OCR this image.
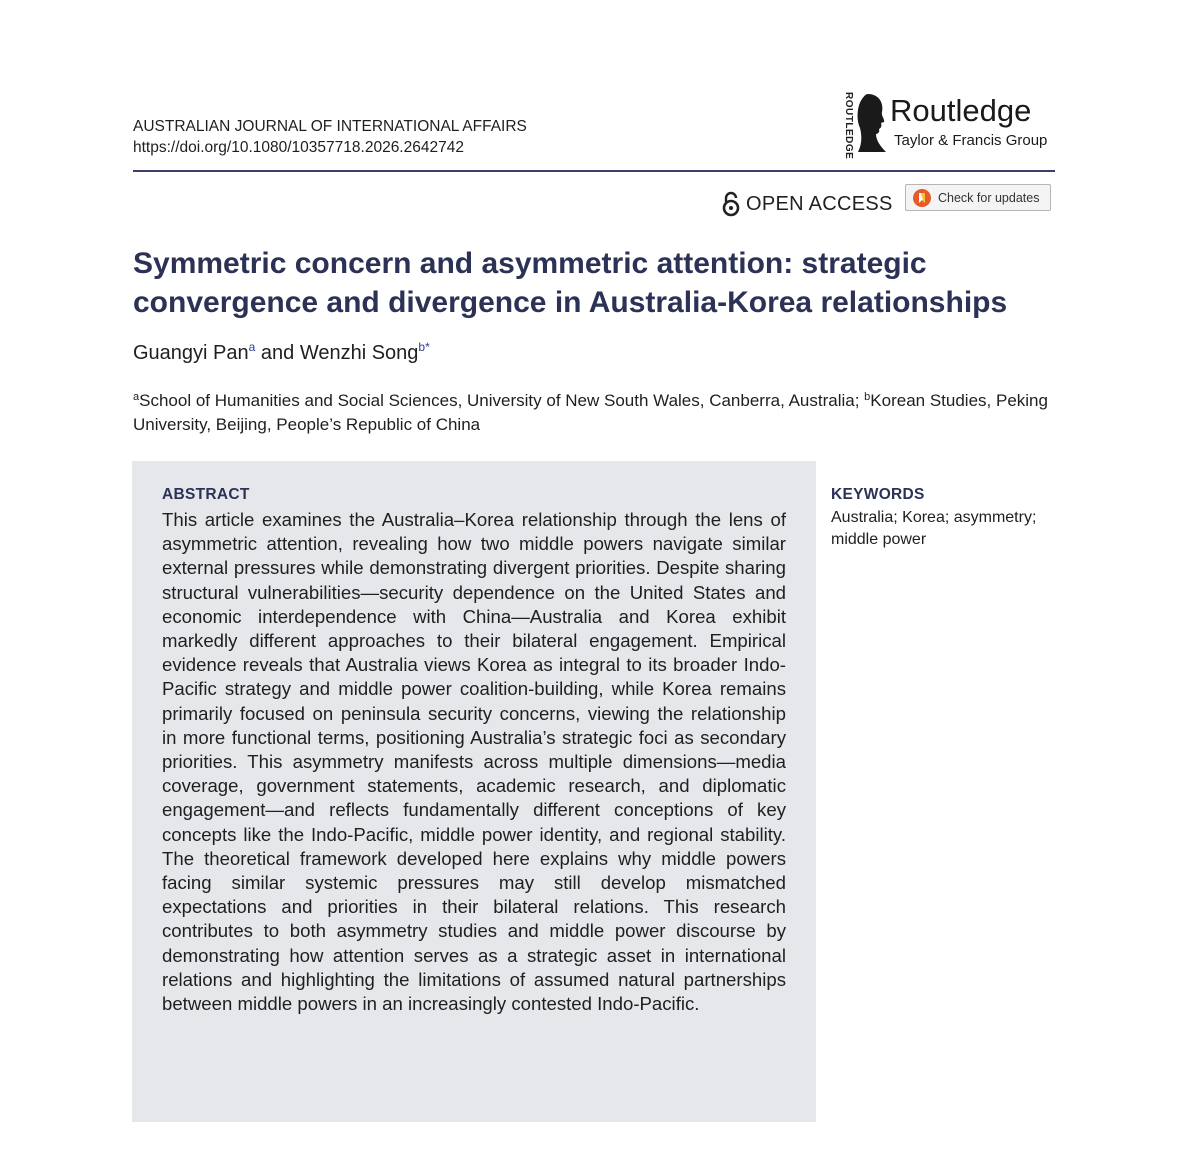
AUSTRALIAN JOURNAL OF INTERNATIONAL AFFAIRS
https://doi.org/10.1080/10357718.2026.2642742	ROUTLEDGE Routledge
Taylor & Francis Group
OPEN ACCESS	Check for updates
Symmetric concern and asymmetric attention: strategic convergence and divergence in Australia-Korea relationships
Guangyi Pan$^a$ and Wenzhi Song$^{b*}$
$^a$School of Humanities and Social Sciences, University of New South Wales, Canberra, Australia; $^b$Korean Studies, Peking University, Beijing, People’s Republic of China
ABSTRACT
This article examines the Australia–Korea relationship through the lens of asymmetric attention, revealing how two middle powers navigate similar external pressures while demonstrating divergent priorities. Despite sharing structural vulnerabilities—security dependence on the United States and economic interdependence with China—Australia and Korea exhibit markedly different approaches to their bilateral engagement. Empirical evidence reveals that Australia views Korea as integral to its broader Indo-Pacific strategy and middle power coalition-building, while Korea remains primarily focused on peninsula security concerns, viewing the relationship in more functional terms, positioning Australia’s strategic foci as secondary priorities. This asymmetry manifests across multiple dimensions—media coverage, government statements, academic research, and diplomatic engagement—and reflects fundamentally different conceptions of key concepts like the Indo-Pacific, middle power identity, and regional stability. The theoretical framework developed here explains why middle powers facing similar systemic pressures may still develop mismatched expectations and priorities in their bilateral relations. This research contributes to both asymmetry studies and middle power discourse by demonstrating how attention serves as a strategic asset in international relations and highlighting the limitations of assumed natural partnerships between middle powers in an increasingly contested Indo-Pacific.
KEYWORDS
Australia; Korea; asymmetry; middle power
